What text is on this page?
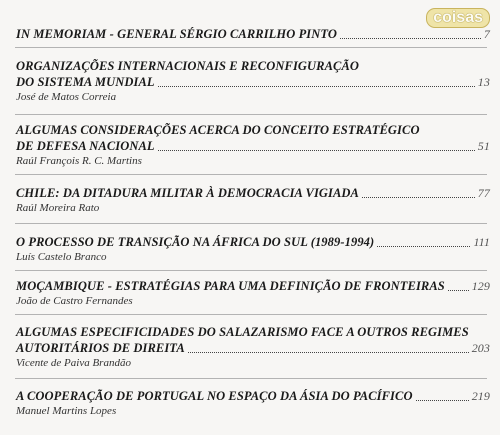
coisas
IN MEMORIAM - GENERAL SÉRGIO CARRILHO PINTO	7
ORGANIZAÇÕES INTERNACIONAIS E RECONFIGURAÇÃO
DO SISTEMA MUNDIAL	13
José de Matos Correia
ALGUMAS CONSIDERAÇÕES ACERCA DO CONCEITO ESTRATÉGICO
DE DEFESA NACIONAL	51
Raúl François R. C. Martins
CHILE: DA DITADURA MILITAR À DEMOCRACIA VIGIADA	77
Raúl Moreira Rato
O PROCESSO DE TRANSIÇÃO NA ÁFRICA DO SUL (1989-1994)	111
Luís Castelo Branco
MOÇAMBIQUE - ESTRATÉGIAS PARA UMA DEFINIÇÃO DE FRONTEIRAS 129
João de Castro Fernandes
ALGUMAS ESPECIFICIDADES DO SALAZARISMO FACE A OUTROS REGIMES
AUTORITÁRIOS DE DIREITA	203
Vicente de Paiva Brandão
A COOPERAÇÃO DE PORTUGAL NO ESPAÇO DA ÁSIA DO PACÍFICO	219
Manuel Martins Lopes
